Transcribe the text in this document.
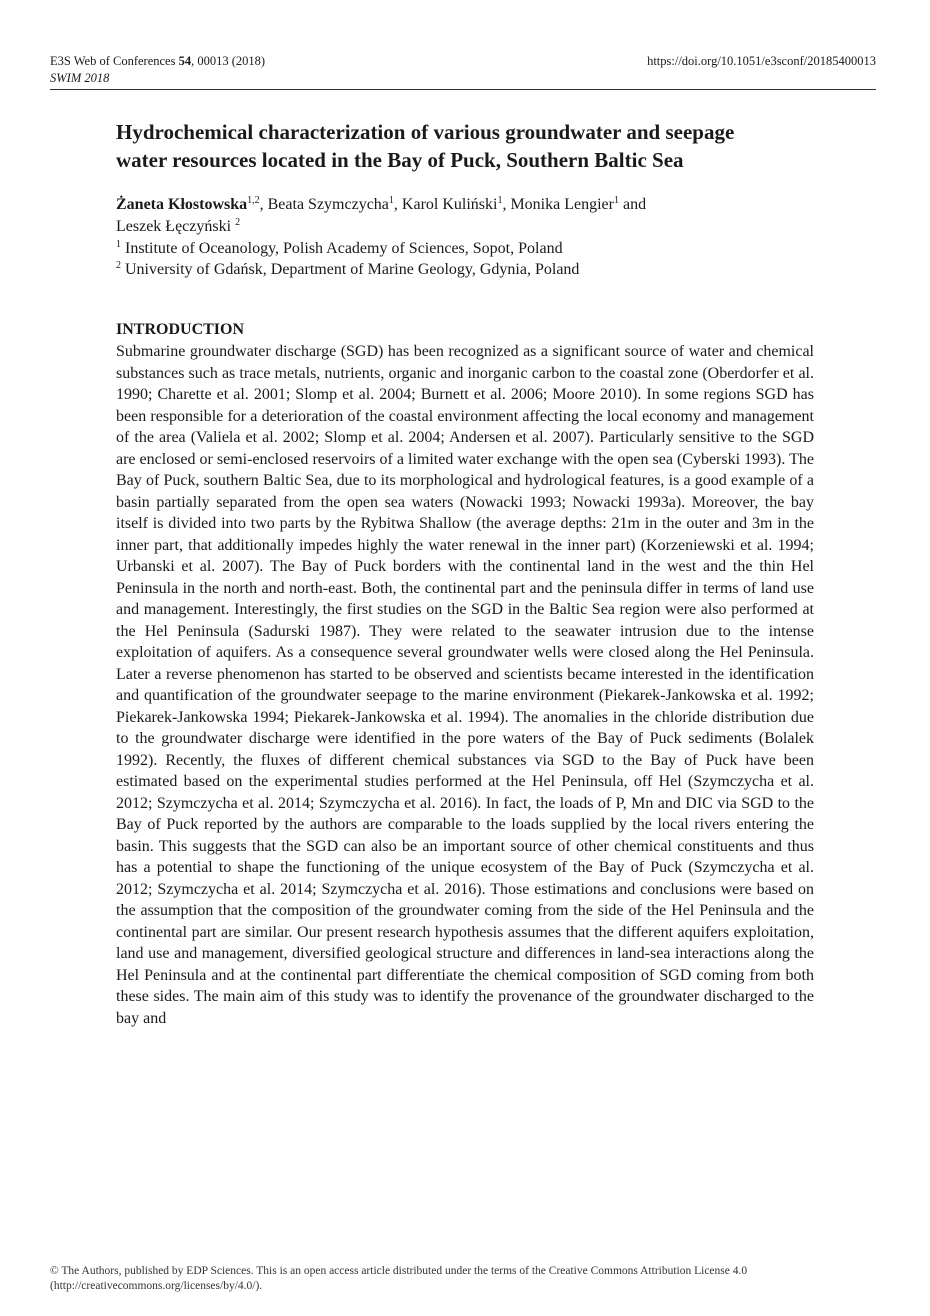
E3S Web of Conferences 54, 00013 (2018)	https://doi.org/10.1051/e3sconf/20185400013
SWIM 2018
Hydrochemical characterization of various groundwater and seepage water resources located in the Bay of Puck, Southern Baltic Sea
Żaneta Kłostowska$^{1,2}$, Beata Szymczycha$^1$, Karol Kuliński$^1$, Monika Lengier$^1$ and
Leszek Łęczyński $^2$
$^1$ Institute of Oceanology, Polish Academy of Sciences, Sopot, Poland
$^2$ University of Gdańsk, Department of Marine Geology, Gdynia, Poland
INTRODUCTION

Submarine groundwater discharge (SGD) has been recognized as a significant source of water and chemical substances such as trace metals, nutrients, organic and inorganic carbon to the coastal zone (Oberdorfer et al. 1990; Charette et al. 2001; Slomp et al. 2004; Burnett et al. 2006; Moore 2010). In some regions SGD has been responsible for a deterioration of the coastal environment affecting the local economy and management of the area (Valiela et al. 2002; Slomp et al. 2004; Andersen et al. 2007). Particularly sensitive to the SGD are enclosed or semi-enclosed reservoirs of a limited water exchange with the open sea (Cyberski 1993). The Bay of Puck, southern Baltic Sea, due to its morphological and hydrological features, is a good example of a basin partially separated from the open sea waters (Nowacki 1993; Nowacki 1993a). Moreover, the bay itself is divided into two parts by the Rybitwa Shallow (the average depths: 21m in the outer and 3m in the inner part, that additionally impedes highly the water renewal in the inner part) (Korzeniewski et al. 1994; Urbanski et al. 2007). The Bay of Puck borders with the continental land in the west and the thin Hel Peninsula in the north and north-east. Both, the continental part and the peninsula differ in terms of land use and management. Interestingly, the first studies on the SGD in the Baltic Sea region were also performed at the Hel Peninsula (Sadurski 1987). They were related to the seawater intrusion due to the intense exploitation of aquifers. As a consequence several groundwater wells were closed along the Hel Peninsula. Later a reverse phenomenon has started to be observed and scientists became interested in the identification and quantification of the groundwater seepage to the marine environment (Piekarek-Jankowska et al. 1992; Piekarek-Jankowska 1994; Piekarek-Jankowska et al. 1994). The anomalies in the chloride distribution due to the groundwater discharge were identified in the pore waters of the Bay of Puck sediments (Bolalek 1992). Recently, the fluxes of different chemical substances via SGD to the Bay of Puck have been estimated based on the experimental studies performed at the Hel Peninsula, off Hel (Szymczycha et al. 2012; Szymczycha et al. 2014; Szymczycha et al. 2016). In fact, the loads of P, Mn and DIC via SGD to the Bay of Puck reported by the authors are comparable to the loads supplied by the local rivers entering the basin. This suggests that the SGD can also be an important source of other chemical constituents and thus has a potential to shape the functioning of the unique ecosystem of the Bay of Puck (Szymczycha et al. 2012; Szymczycha et al. 2014; Szymczycha et al. 2016). Those estimations and conclusions were based on the assumption that the composition of the groundwater coming from the side of the Hel Peninsula and the continental part are similar. Our present research hypothesis assumes that the different aquifers exploitation, land use and management, diversified geological structure and differences in land-sea interactions along the Hel Peninsula and at the continental part differentiate the chemical composition of SGD coming from both these sides. The main aim of this study was to identify the provenance of the groundwater discharged to the bay and

© The Authors, published by EDP Sciences. This is an open access article distributed under the terms of the Creative Commons Attribution License 4.0
(http://creativecommons.org/licenses/by/4.0/).
